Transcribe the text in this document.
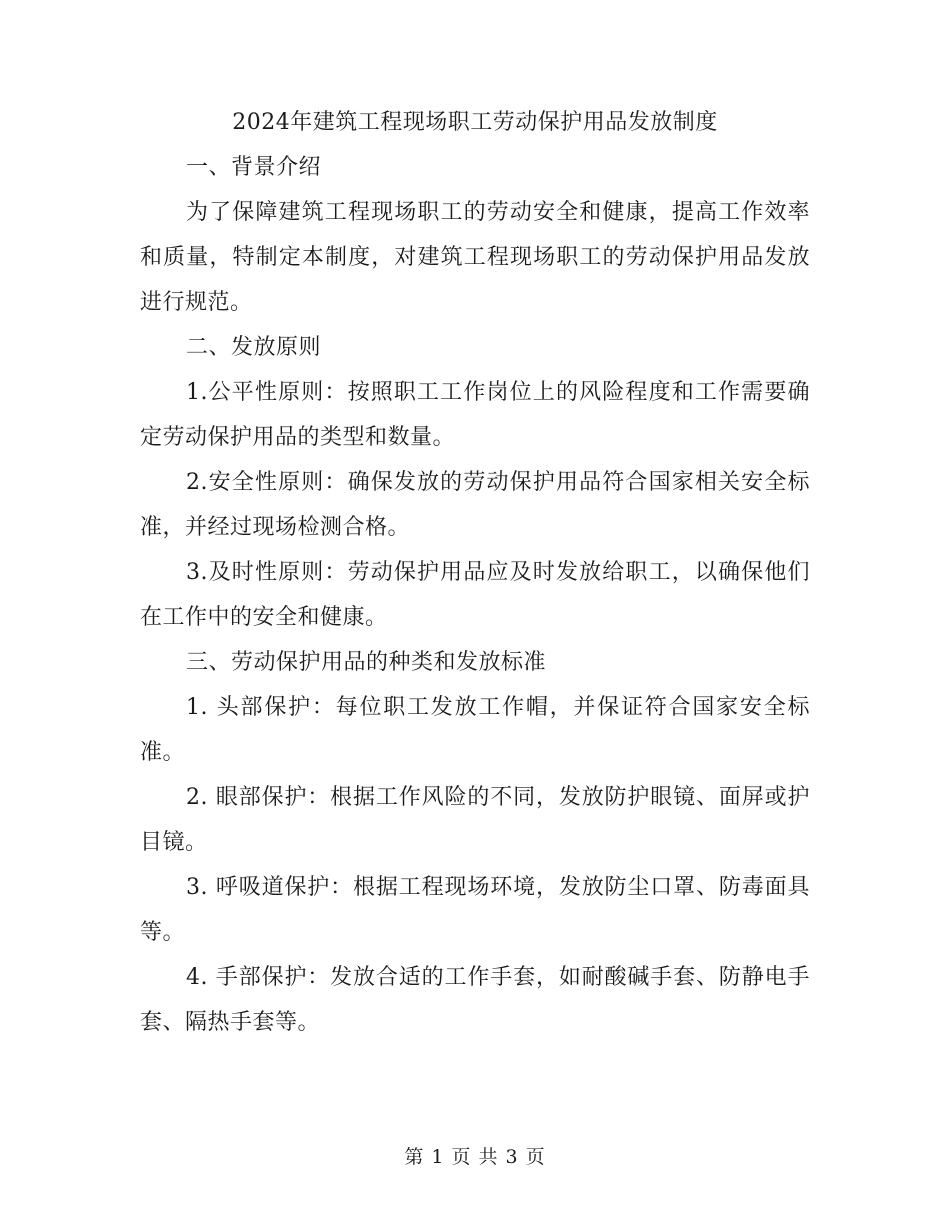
2024年建筑工程现场职工劳动保护用品发放制度

一、背景介绍

为了保障建筑工程现场职工的劳动安全和健康，提高工作效率和质量，特制定本制度，对建筑工程现场职工的劳动保护用品发放进行规范。

二、发放原则

1.公平性原则：按照职工工作岗位上的风险程度和工作需要确定劳动保护用品的类型和数量。

2.安全性原则：确保发放的劳动保护用品符合国家相关安全标准，并经过现场检测合格。

3.及时性原则：劳动保护用品应及时发放给职工，以确保他们在工作中的安全和健康。

三、劳动保护用品的种类和发放标准

1. 头部保护：每位职工发放工作帽，并保证符合国家安全标准。

2. 眼部保护：根据工作风险的不同，发放防护眼镜、面屏或护目镜。

3. 呼吸道保护：根据工程现场环境，发放防尘口罩、防毒面具等。

4. 手部保护：发放合适的工作手套，如耐酸碱手套、防静电手套、隔热手套等。

第 1 页 共 3 页
